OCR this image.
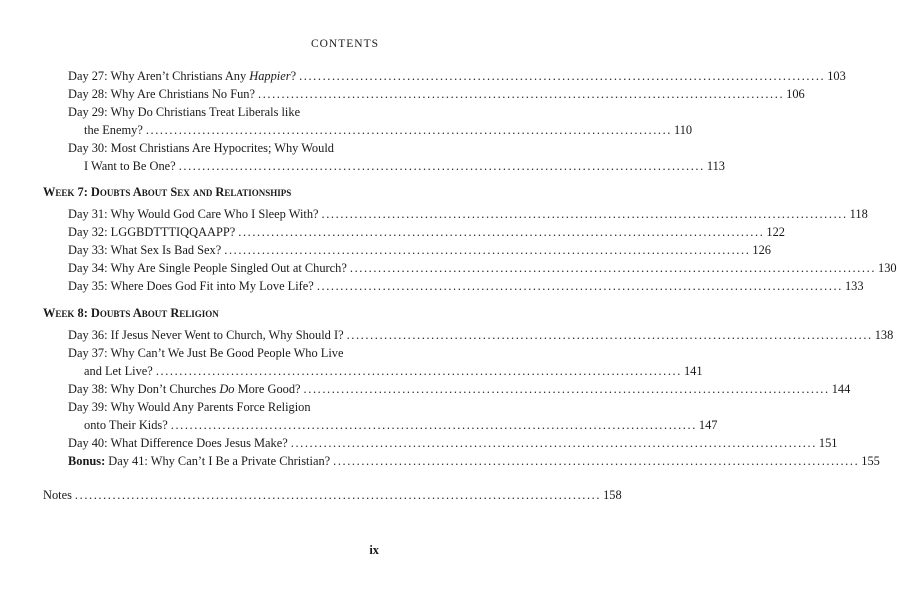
CONTENTS
Day 27: Why Aren’t Christians Any Happier? ................................................................................................................ 103
Day 28: Why Are Christians No Fun? ................................................................................................................ 106
Day 29: Why Do Christians Treat Liberals like
the Enemy? ................................................................................................................ 110
Day 30: Most Christians Are Hypocrites; Why Would
I Want to Be One? ................................................................................................................ 113
Week 7: Doubts About Sex and Relationships
Day 31: Why Would God Care Who I Sleep With? ................................................................................................................ 118
Day 32: LGGBDTTTIQQAAPP? ................................................................................................................ 122
Day 33: What Sex Is Bad Sex? ................................................................................................................ 126
Day 34: Why Are Single People Singled Out at Church? ................................................................................................................ 130
Day 35: Where Does God Fit into My Love Life? ................................................................................................................ 133
Week 8: Doubts About Religion
Day 36: If Jesus Never Went to Church, Why Should I? ................................................................................................................ 138
Day 37: Why Can’t We Just Be Good People Who Live
and Let Live? ................................................................................................................ 141
Day 38: Why Don’t Churches Do More Good? ................................................................................................................ 144
Day 39: Why Would Any Parents Force Religion
onto Their Kids? ................................................................................................................ 147
Day 40: What Difference Does Jesus Make? ................................................................................................................ 151
Bonus: Day 41: Why Can’t I Be a Private Christian? ................................................................................................................ 155
Notes ................................................................................................................ 158
ix
